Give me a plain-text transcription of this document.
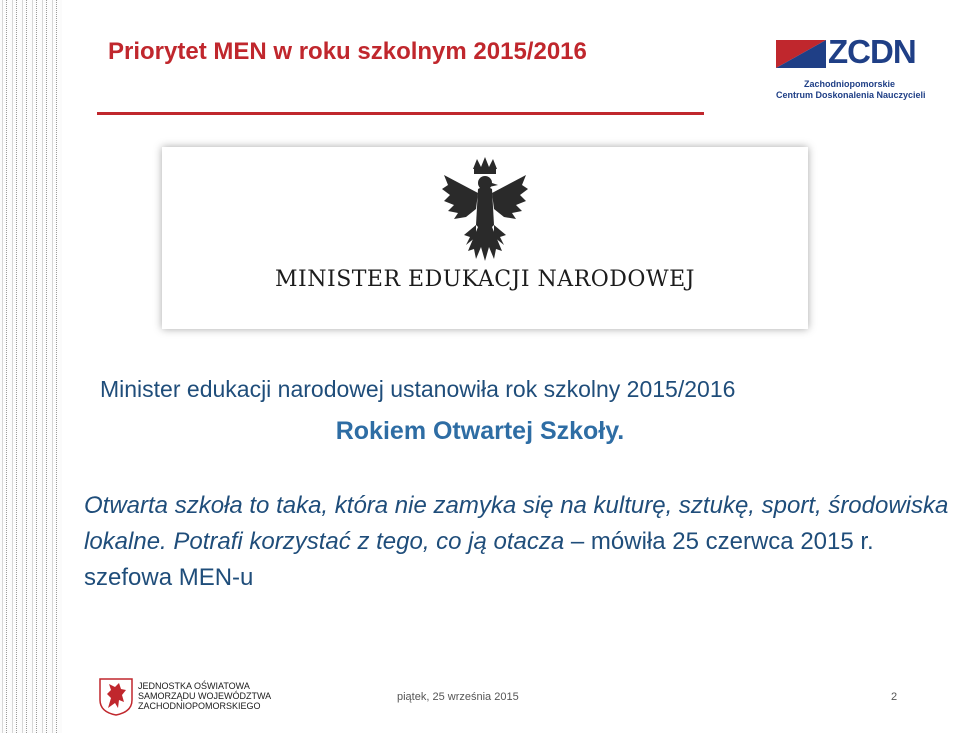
Priorytet MEN w roku szkolnym 2015/2016	ZCDN
Zachodniopomorskie
Centrum Doskonalenia Nauczycieli
MINISTER EDUKACJI NARODOWEJ

Minister edukacji narodowej ustanowiła rok szkolny 2015/2016

Rokiem Otwartej Szkoły.

Otwarta szkoła to taka, która nie zamyka się na kulturę, sztukę, sport, środowiska lokalne. Potrafi korzystać z tego, co ją otacza – mówiła 25 czerwca 2015 r. szefowa MEN-u

JEDNOSTKA OŚWIATOWA
SAMORZĄDU WOJEWÓDZTWA
ZACHODNIOPOMORSKIEGO
piątek, 25 września 2015	2
